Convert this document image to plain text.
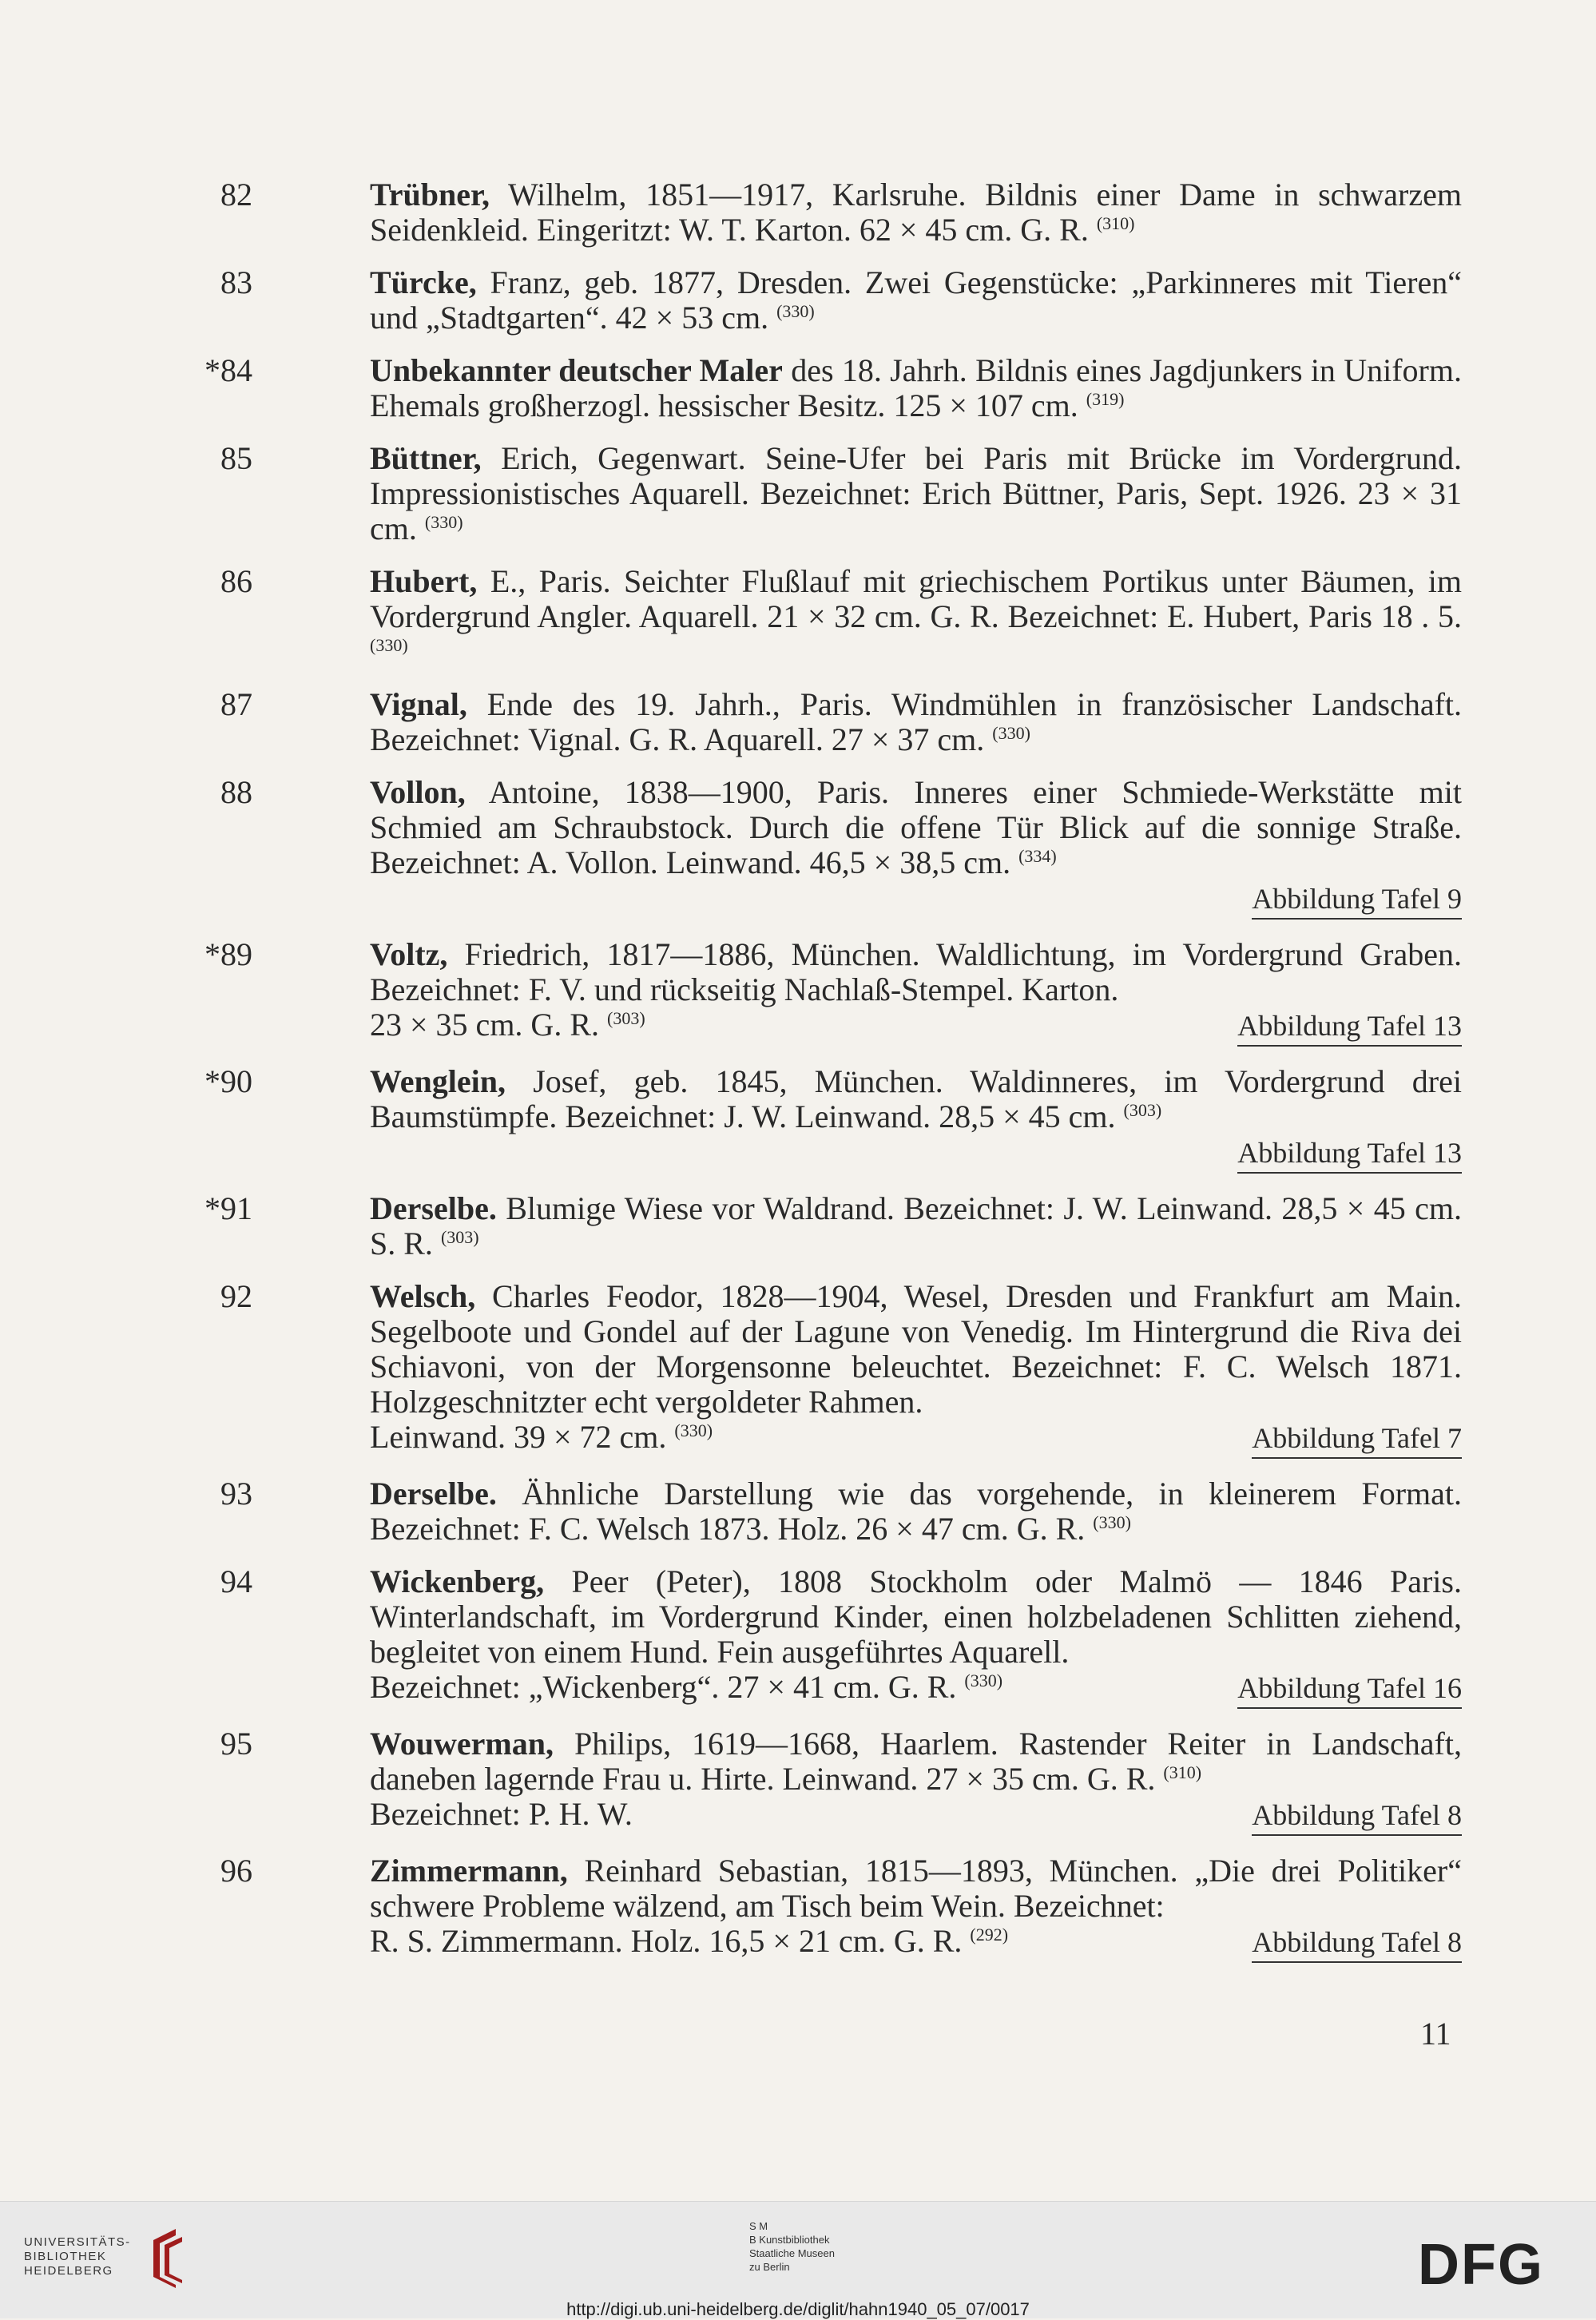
82	Trübner, Wilhelm, 1851—1917, Karlsruhe. Bildnis einer Dame in schwarzem Seidenkleid. Eingeritzt: W. T. Karton. 62 × 45 cm. G. R. $^{(310)}$
83	Türcke, Franz, geb. 1877, Dresden. Zwei Gegenstücke: „Parkinneres mit Tieren“ und „Stadtgarten“. 42 × 53 cm. $^{(330)}$
*84	Unbekannter deutscher Maler des 18. Jahrh. Bildnis eines Jagdjunkers in Uniform. Ehemals großherzogl. hessischer Besitz. 125 × 107 cm. $^{(319)}$
85	Büttner, Erich, Gegenwart. Seine-Ufer bei Paris mit Brücke im Vordergrund. Impressionistisches Aquarell. Bezeichnet: Erich Büttner, Paris, Sept. 1926. 23 × 31 cm. $^{(330)}$
86	Hubert, E., Paris. Seichter Flußlauf mit griechischem Portikus unter Bäumen, im Vordergrund Angler. Aquarell. 21 × 32 cm. G. R. Bezeichnet: E. Hubert, Paris 18 . 5. $^{(330)}$
87	Vignal, Ende des 19. Jahrh., Paris. Windmühlen in französischer Landschaft. Bezeichnet: Vignal. G. R. Aquarell. 27 × 37 cm. $^{(330)}$
88	Vollon, Antoine, 1838—1900, Paris. Inneres einer Schmiede-Werkstätte mit Schmied am Schraubstock. Durch die offene Tür Blick auf die sonnige Straße. Bezeichnet: A. Vollon. Leinwand. 46,5 × 38,5 cm. $^{(334)}$
Abbildung Tafel 9
*89	Voltz, Friedrich, 1817—1886, München. Waldlichtung, im Vordergrund Graben. Bezeichnet: F. V. und rückseitig Nachlaß-Stempel. Karton.
23 × 35 cm. G. R. $^{(303)}$	Abbildung Tafel 13
*90	Wenglein, Josef, geb. 1845, München. Waldinneres, im Vordergrund drei Baumstümpfe. Bezeichnet: J. W. Leinwand. 28,5 × 45 cm. $^{(303)}$
Abbildung Tafel 13
*91	Derselbe. Blumige Wiese vor Waldrand. Bezeichnet: J. W. Leinwand. 28,5 × 45 cm. S. R. $^{(303)}$
92	Welsch, Charles Feodor, 1828—1904, Wesel, Dresden und Frankfurt am Main. Segelboote und Gondel auf der Lagune von Venedig. Im Hintergrund die Riva dei Schiavoni, von der Morgensonne beleuchtet. Bezeichnet: F. C. Welsch 1871. Holzgeschnitzter echt vergoldeter Rahmen.
Leinwand. 39 × 72 cm. $^{(330)}$	Abbildung Tafel 7
93	Derselbe. Ähnliche Darstellung wie das vorgehende, in kleinerem Format. Bezeichnet: F. C. Welsch 1873. Holz. 26 × 47 cm. G. R. $^{(330)}$
94	Wickenberg, Peer (Peter), 1808 Stockholm oder Malmö — 1846 Paris. Winterlandschaft, im Vordergrund Kinder, einen holzbeladenen Schlitten ziehend, begleitet von einem Hund. Fein ausgeführtes Aquarell.
Bezeichnet: „Wickenberg“. 27 × 41 cm. G. R. $^{(330)}$	Abbildung Tafel 16
95	Wouwerman, Philips, 1619—1668, Haarlem. Rastender Reiter in Landschaft, daneben lagernde Frau u. Hirte. Leinwand. 27 × 35 cm. G. R. $^{(310)}$
Bezeichnet: P. H. W.	Abbildung Tafel 8
96	Zimmermann, Reinhard Sebastian, 1815—1893, München. „Die drei Politiker“ schwere Probleme wälzend, am Tisch beim Wein. Bezeichnet:
R. S. Zimmermann. Holz. 16,5 × 21 cm. G. R. $^{(292)}$	Abbildung Tafel 8
11
UNIVERSITÄTS-
BIBLIOTHEK
HEIDELBERG
S M
B Kunstbibliothek
Staatliche Museen
zu Berlin	DFG
http://digi.ub.uni-heidelberg.de/diglit/hahn1940_05_07/0017
